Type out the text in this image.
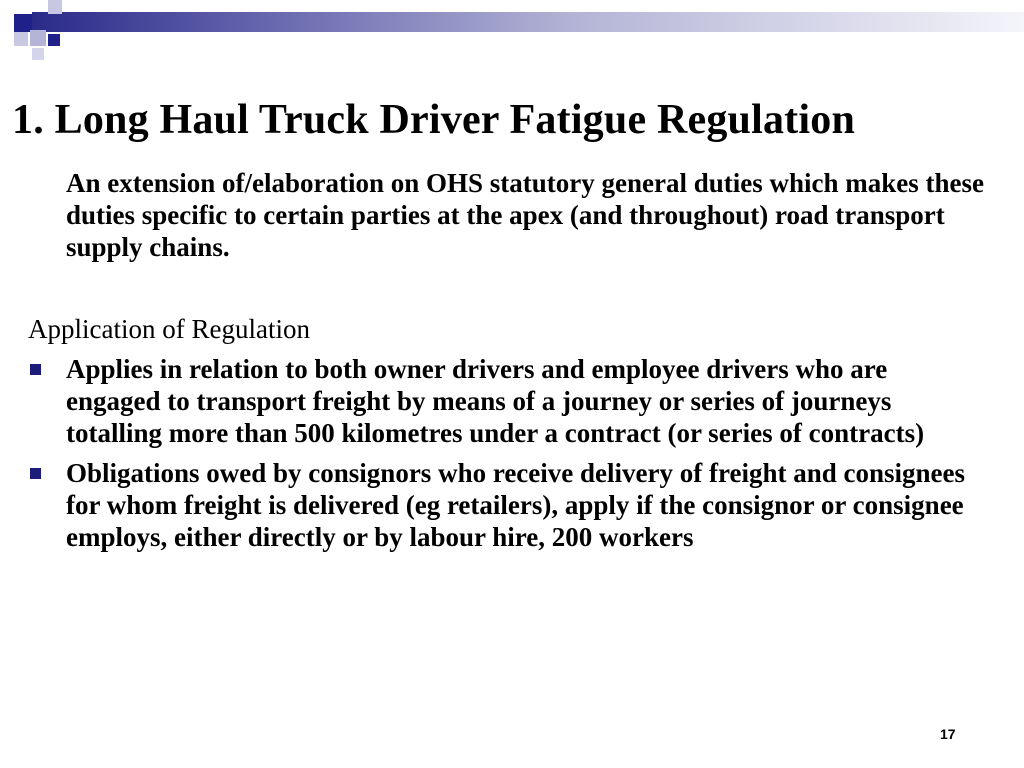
1. Long Haul Truck Driver Fatigue Regulation

An extension of/elaboration on OHS statutory general duties which makes these duties specific to certain parties at the apex (and throughout) road transport supply chains.

Application of Regulation
Applies in relation to both owner drivers and employee drivers who are engaged to transport freight by means of a journey or series of journeys totalling more than 500 kilometres under a contract (or series of contracts)
Obligations owed by consignors who receive delivery of freight and consignees for whom freight is delivered (eg retailers), apply if the consignor or consignee employs, either directly or by labour hire, 200 workers
17
